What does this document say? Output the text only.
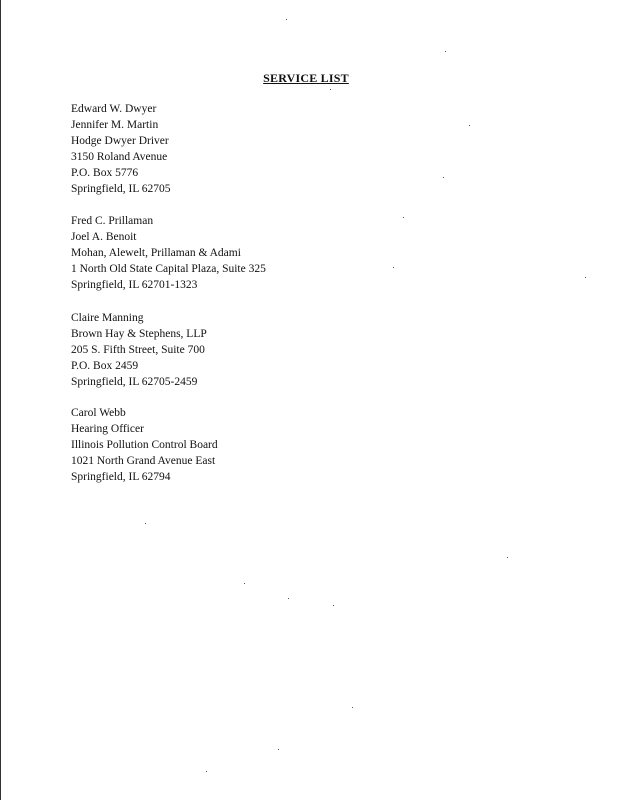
SERVICE LIST
Edward W. Dwyer
Jennifer M. Martin
Hodge Dwyer Driver
3150 Roland Avenue
P.O. Box 5776
Springfield, IL 62705
Fred C. Prillaman
Joel A. Benoit
Mohan, Alewelt, Prillaman & Adami
1 North Old State Capital Plaza, Suite 325
Springfield, IL 62701-1323
Claire Manning
Brown Hay & Stephens, LLP
205 S. Fifth Street, Suite 700
P.O. Box 2459
Springfield, IL 62705-2459
Carol Webb
Hearing Officer
Illinois Pollution Control Board
1021 North Grand Avenue East
Springfield, IL 62794
